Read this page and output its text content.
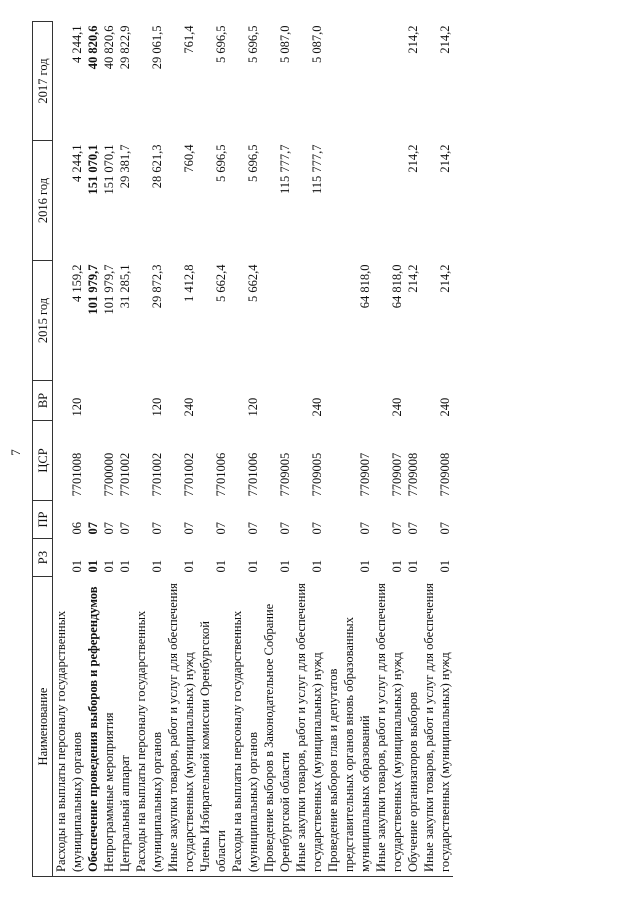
7
Наименование	РЗ	ПР	ЦСР	ВР	2015 год	2016 год	2017 год
Расходы на выплаты персоналу государственных (муниципальных) органов	01	06	7701008	120	4 159,2	4 244,1	4 244,1
Обеспечение проведения выборов и референдумов	01	07			101 979,7	151 070,1	40 820,6
Непрограммные мероприятия	01	07	7700000		101 979,7	151 070,1	40 820,6
Центральный аппарат	01	07	7701002		31 285,1	29 381,7	29 822,9
Расходы на выплаты персоналу государственных (муниципальных) органов	01	07	7701002	120	29 872,3	28 621,3	29 061,5
Иные закупки товаров, работ и услуг для обеспечения государственных (муниципальных) нужд	01	07	7701002	240	1 412,8	760,4	761,4
Члены Избирательной комиссии Оренбургской области	01	07	7701006		5 662,4	5 696,5	5 696,5
Расходы на выплаты персоналу государственных (муниципальных) органов	01	07	7701006	120	5 662,4	5 696,5	5 696,5
Проведение выборов в Законодательное Собрание Оренбургской области	01	07	7709005			115 777,7	5 087,0
Иные закупки товаров, работ и услуг для обеспечения государственных (муниципальных) нужд	01	07	7709005	240		115 777,7	5 087,0
Проведение выборов глав и депутатов представительных органов вновь образованных муниципальных образований	01	07	7709007		64 818,0		
Иные закупки товаров, работ и услуг для обеспечения государственных (муниципальных) нужд	01	07	7709007	240	64 818,0		
Обучение организаторов выборов	01	07	7709008		214,2	214,2	214,2
Иные закупки товаров, работ и услуг для обеспечения государственных (муниципальных) нужд	01	07	7709008	240	214,2	214,2	214,2
